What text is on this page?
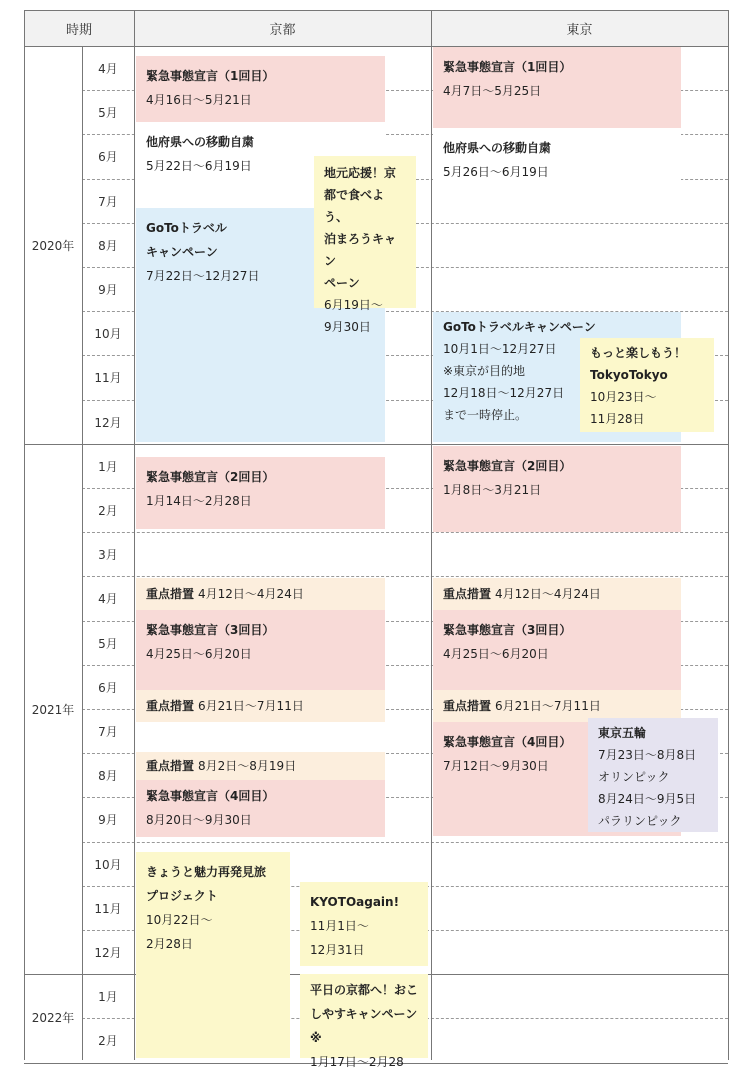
時期	京都	東京
2020年
2021年
2022年
4月
5月
6月
7月
8月
9月
10月
11月
12月
1月
2月
3月
4月
5月
6月
7月
8月
9月
10月
11月
12月
1月
2月
緊急事態宣言（1回目）
4月16日～5月21日
他府県への移動自粛
5月22日～6月19日
GoToトラベル
キャンペーン
7月22日～12月27日
地元応援！京
都で食べよう、
泊まろうキャン
ペーン
6月19日～
9月30日
緊急事態宣言（2回目）
1月14日～2月28日
重点措置 4月12日～4月24日
緊急事態宣言（3回目）
4月25日～6月20日
重点措置 6月21日～7月11日
重点措置 8月2日～8月19日
緊急事態宣言（4回目）
8月20日～9月30日
きょうと魅力再発見旅
プロジェクト
10月22日～
2月28日
KYOTOagain!
11月1日～
12月31日
平日の京都へ！おこ
しやすキャンペーン※
1月17日～2月28
緊急事態宣言（1回目）
4月7日～5月25日
他府県への移動自粛
5月26日～6月19日
GoToトラベルキャンペーン
10月1日～12月27日
※東京が目的地
12月18日～12月27日
まで一時停止。
もっと楽しもう！
TokyoTokyo
10月23日～
11月28日
緊急事態宣言（2回目）
1月8日～3月21日
重点措置 4月12日～4月24日
緊急事態宣言（3回目）
4月25日～6月20日
重点措置 6月21日～7月11日
緊急事態宣言（4回目）
7月12日～9月30日
東京五輪
7月23日～8月8日
オリンピック
8月24日～9月5日
パラリンピック
